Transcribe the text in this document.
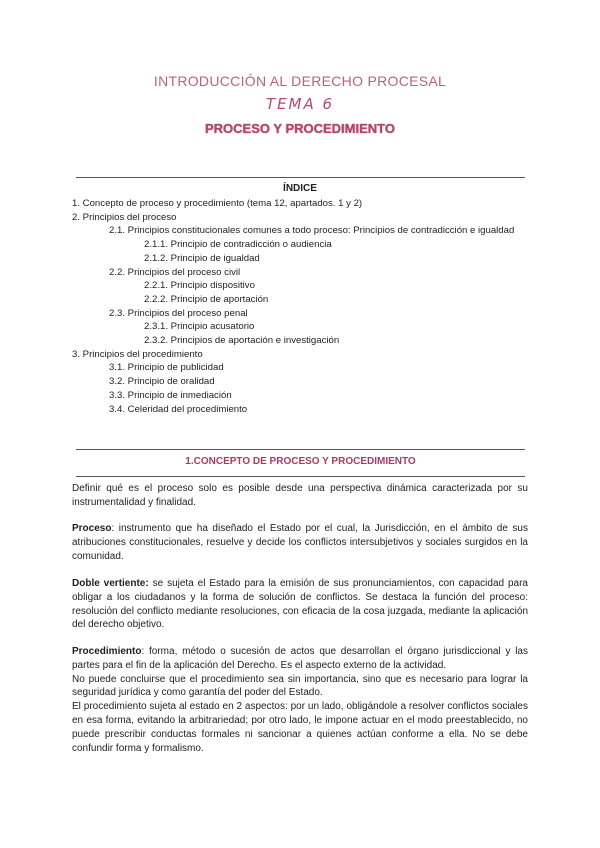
INTRODUCCIÓN AL DERECHO PROCESAL
TEMA 6
PROCESO Y PROCEDIMIENTO
ÍNDICE
1. Concepto de proceso y procedimiento (tema 12, apartados. 1 y 2)
2. Principios del proceso
2.1. Principios constitucionales comunes a todo proceso: Principios de contradicción e igualdad
2.1.1. Principio de contradicción o audiencia
2.1.2. Principio de igualdad
2.2. Principios del proceso civil
2.2.1. Principio dispositivo
2.2.2. Principio de aportación
2.3. Principios del proceso penal
2.3.1. Principio acusatorio
2.3.2. Principios de aportación e investigación
3. Principios del procedimiento
3.1. Principio de publicidad
3.2. Principio de oralidad
3.3. Principio de inmediación
3.4. Celeridad del procedimiento
1.CONCEPTO DE PROCESO Y PROCEDIMIENTO
Definir qué es el proceso solo es posible desde una perspectiva dinámica caracterizada por su instrumentalidad y finalidad.
Proceso: instrumento que ha diseñado el Estado por el cual, la Jurisdicción, en el ámbito de sus atribuciones constitucionales, resuelve y decide los conflictos intersubjetivos y sociales surgidos en la comunidad.
Doble vertiente: se sujeta el Estado para la emisión de sus pronunciamientos, con capacidad para obligar a los ciudadanos y la forma de solución de conflictos. Se destaca la función del proceso: resolución del conflicto mediante resoluciones, con eficacia de la cosa juzgada, mediante la aplicación del derecho objetivo.
Procedimiento: forma, método o sucesión de actos que desarrollan el órgano jurisdiccional y las partes para el fin de la aplicación del Derecho. Es el aspecto externo de la actividad.
No puede concluirse que el procedimiento sea sin importancia, sino que es necesario para lograr la seguridad jurídica y como garantía del poder del Estado.
El procedimiento sujeta al estado en 2 aspectos: por un lado, obligándole a resolver conflictos sociales en esa forma, evitando la arbitrariedad; por otro lado, le impone actuar en el modo preestablecido, no puede prescribir conductas formales ni sancionar a quienes actúan conforme a ella. No se debe confundir forma y formalismo.
